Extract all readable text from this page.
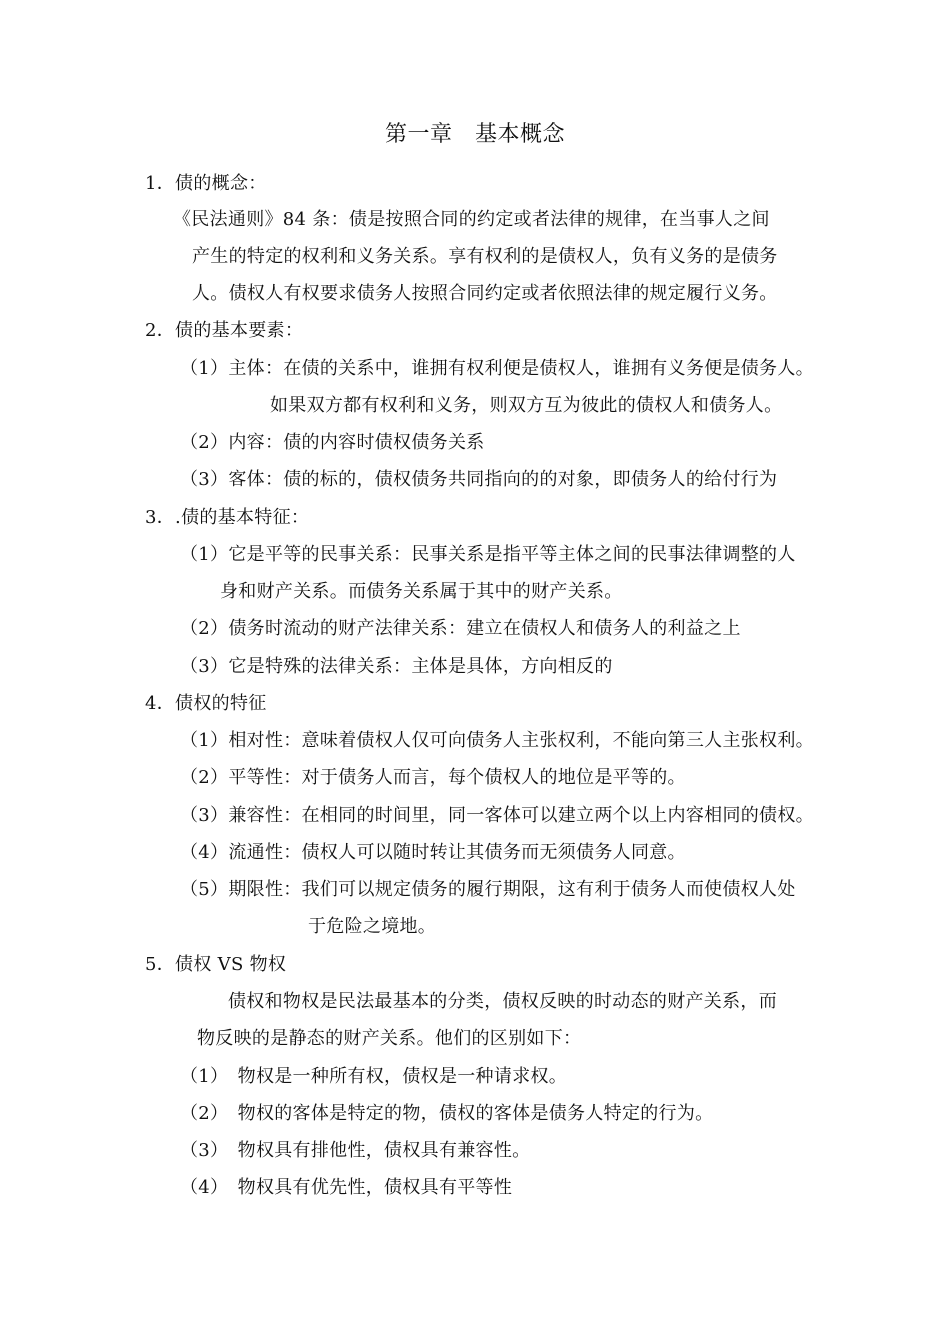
第一章　基本概念
1．债的概念：
《民法通则》84 条：债是按照合同的约定或者法律的规律，在当事人之间
产生的特定的权利和义务关系。享有权利的是债权人，负有义务的是债务
人。债权人有权要求债务人按照合同约定或者依照法律的规定履行义务。
2．债的基本要素：
（1）主体：在债的关系中，谁拥有权利便是债权人，谁拥有义务便是债务人。
如果双方都有权利和义务，则双方互为彼此的债权人和债务人。
（2）内容：债的内容时债权债务关系
（3）客体：债的标的，债权债务共同指向的的对象，即债务人的给付行为
3．.债的基本特征：
（1）它是平等的民事关系：民事关系是指平等主体之间的民事法律调整的人
身和财产关系。而债务关系属于其中的财产关系。
（2）债务时流动的财产法律关系：建立在债权人和债务人的利益之上
（3）它是特殊的法律关系：主体是具体，方向相反的
4．债权的特征
（1）相对性：意味着债权人仅可向债务人主张权利，不能向第三人主张权利。
（2）平等性：对于债务人而言，每个债权人的地位是平等的。
（3）兼容性：在相同的时间里，同一客体可以建立两个以上内容相同的债权。
（4）流通性：债权人可以随时转让其债务而无须债务人同意。
（5）期限性：我们可以规定债务的履行期限，这有利于债务人而使债权人处
于危险之境地。
5．债权 VS 物权
债权和物权是民法最基本的分类，债权反映的时动态的财产关系，而
物反映的是静态的财产关系。他们的区别如下：
（1）　物权是一种所有权，债权是一种请求权。
（2）　物权的客体是特定的物，债权的客体是债务人特定的行为。
（3）　物权具有排他性，债权具有兼容性。
（4）　物权具有优先性，债权具有平等性
